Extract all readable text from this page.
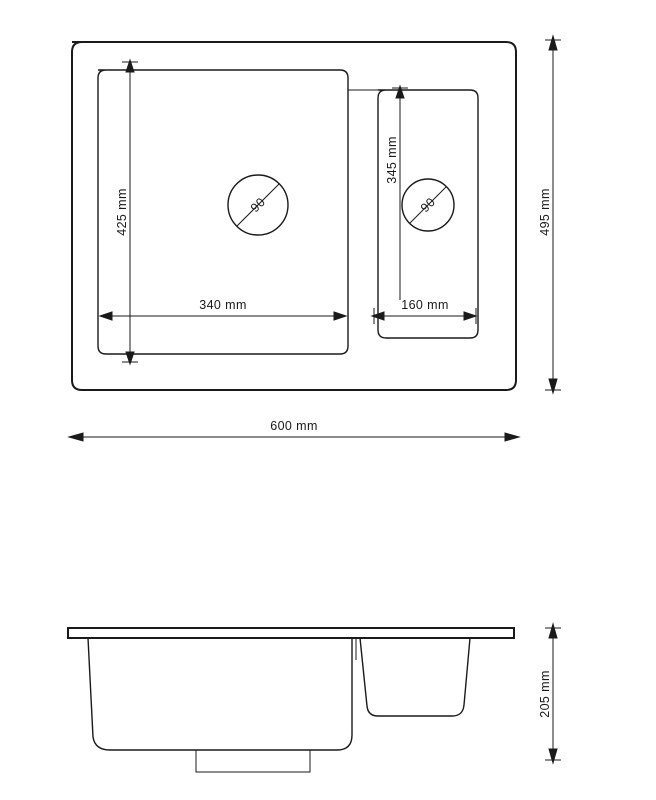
90	90
425 mm
345 mm
340 mm	160 mm
495 mm
600 mm
205 mm
